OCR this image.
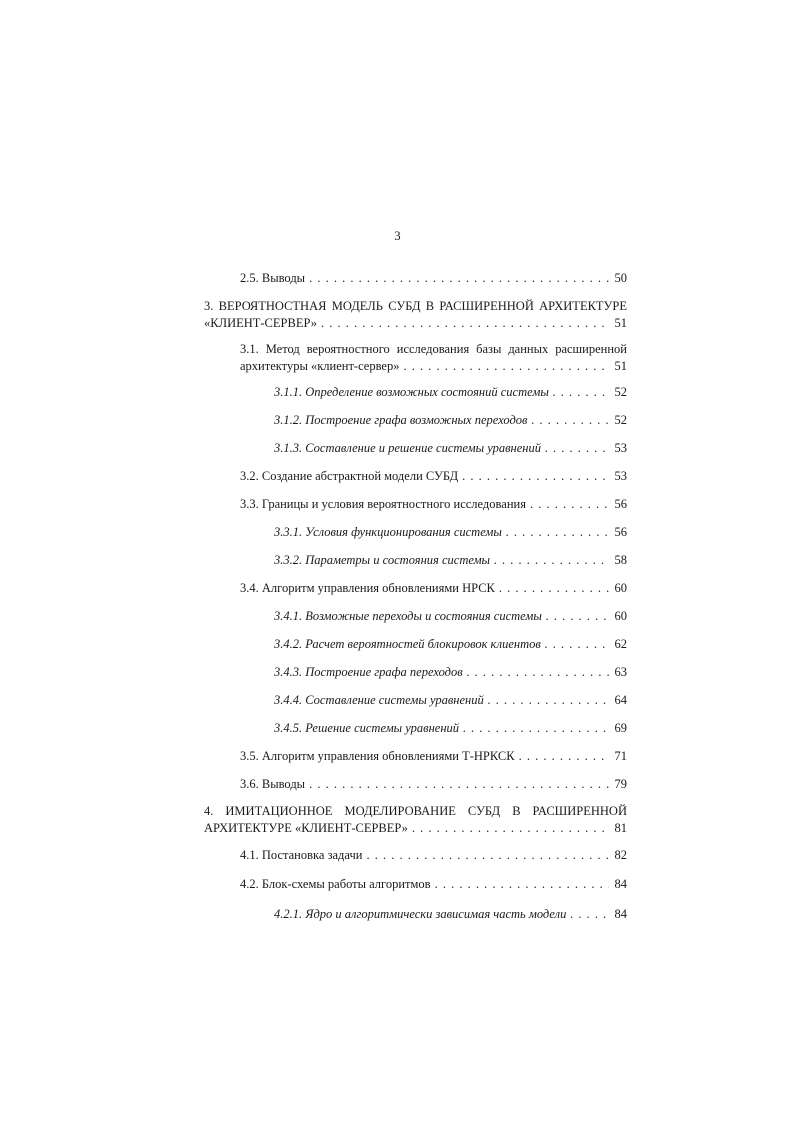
3
2.5. Выводы . . .	50
3. ВЕРОЯТНОСТНАЯ МОДЕЛЬ СУБД В РАСШИРЕННОЙ АРХИТЕКТУРЕ
«КЛИЕНТ-СЕРВЕР» . . .	51
3.1. Метод вероятностного исследования базы данных расширенной
архитектуры «клиент-сервер» . . .	51
3.1.1. Определение возможных состояний системы . . .	52
3.1.2. Построение графа возможных переходов . . .	52
3.1.3. Составление и решение системы уравнений . . .	53
3.2. Создание абстрактной модели СУБД . . .	53
3.3. Границы и условия вероятностного исследования . . .	56
3.3.1. Условия функционирования системы . . .	56
3.3.2. Параметры и состояния системы . . .	58
3.4. Алгоритм управления обновлениями НРСК . . .	60
3.4.1. Возможные переходы и состояния системы . . .	60
3.4.2. Расчет вероятностей блокировок клиентов . . .	62
3.4.3. Построение графа переходов . . .	63
3.4.4. Составление системы уравнений . . .	64
3.4.5. Решение системы уравнений . . .	69
3.5. Алгоритм управления обновлениями Т-НРКСК . . .	71
3.6. Выводы . . .	79
4. ИМИТАЦИОННОЕ МОДЕЛИРОВАНИЕ СУБД В РАСШИРЕННОЙ
АРХИТЕКТУРЕ «КЛИЕНТ-СЕРВЕР» . . .	81
4.1. Постановка задачи . . .	82
4.2. Блок-схемы работы алгоритмов . . .	84
4.2.1. Ядро и алгоритмически зависимая часть модели . . .	84
